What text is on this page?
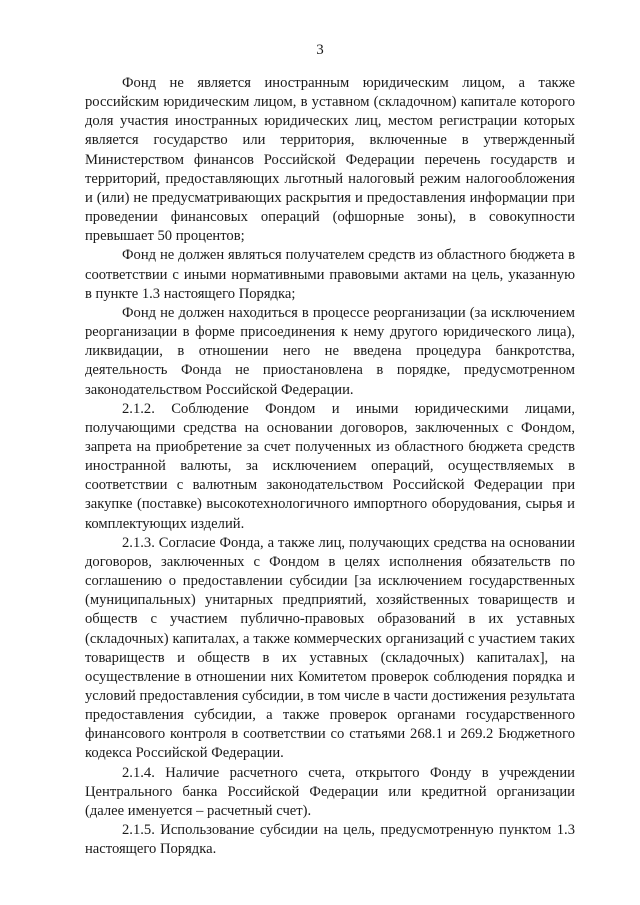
3

Фонд не является иностранным юридическим лицом, а также российским юридическим лицом, в уставном (складочном) капитале которого доля участия иностранных юридических лиц, местом регистрации которых является государство или территория, включенные в утвержденный Министерством финансов Российской Федерации перечень государств и территорий, предоставляющих льготный налоговый режим налогообложения и (или) не предусматривающих раскрытия и предоставления информации при проведении финансовых операций (офшорные зоны), в совокупности превышает 50 процентов;

Фонд не должен являться получателем средств из областного бюджета в соответствии с иными нормативными правовыми актами на цель, указанную в пункте 1.3 настоящего Порядка;

Фонд не должен находиться в процессе реорганизации (за исключением реорганизации в форме присоединения к нему другого юридического лица), ликвидации, в отношении него не введена процедура банкротства, деятельность Фонда не приостановлена в порядке, предусмотренном законодательством Российской Федерации.

2.1.2. Соблюдение Фондом и иными юридическими лицами, получающими средства на основании договоров, заключенных с Фондом, запрета на приобретение за счет полученных из областного бюджета средств иностранной валюты, за исключением операций, осуществляемых в соответствии с валютным законодательством Российской Федерации при закупке (поставке) высокотехнологичного импортного оборудования, сырья и комплектующих изделий.

2.1.3. Согласие Фонда, а также лиц, получающих средства на основании договоров, заключенных с Фондом в целях исполнения обязательств по соглашению о предоставлении субсидии [за исключением государственных (муниципальных) унитарных предприятий, хозяйственных товариществ и обществ с участием публично-правовых образований в их уставных (складочных) капиталах, а также коммерческих организаций с участием таких товариществ и обществ в их уставных (складочных) капиталах], на осуществление в отношении них Комитетом проверок соблюдения порядка и условий предоставления субсидии, в том числе в части достижения результата предоставления субсидии, а также проверок органами государственного финансового контроля в соответствии со статьями 268.1 и 269.2 Бюджетного кодекса Российской Федерации.

2.1.4. Наличие расчетного счета, открытого Фонду в учреждении Центрального банка Российской Федерации или кредитной организации (далее именуется – расчетный счет).

2.1.5. Использование субсидии на цель, предусмотренную пунктом 1.3 настоящего Порядка.
